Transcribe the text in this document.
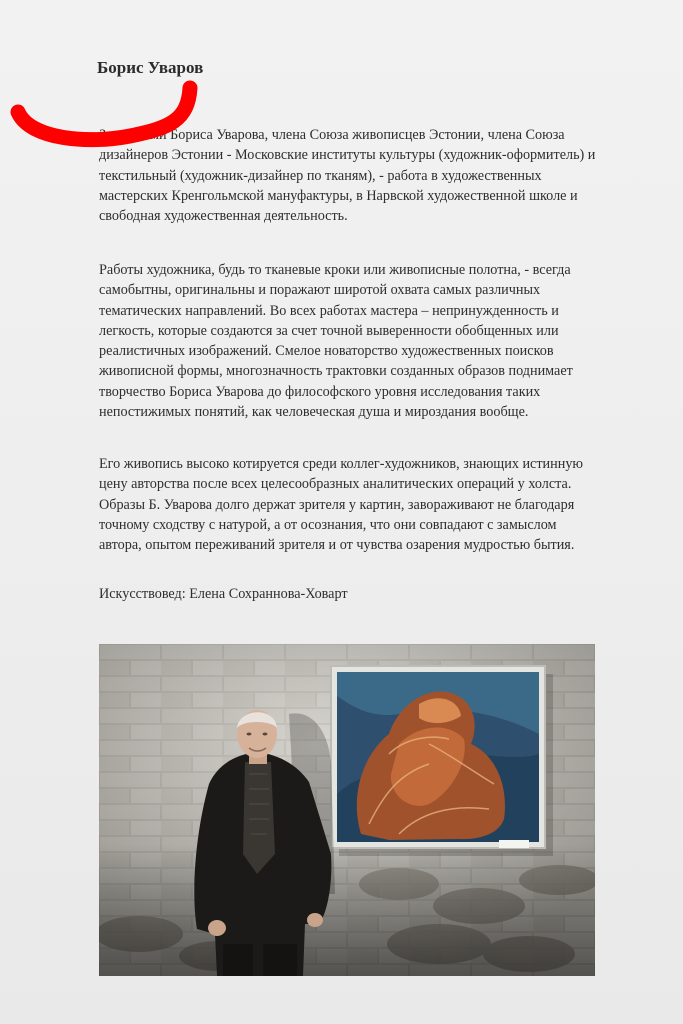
Борис Уваров

За плечами Бориса Уварова, члена Союза живописцев Эстонии, члена Союза дизайнеров Эстонии - Московские институты культуры (художник-оформитель) и текстильный (художник-дизайнер по тканям), - работа в художественных мастерских Кренгольмской мануфактуры, в Нарвской художественной школе и свободная художественная деятельность.

Работы художника, будь то тканевые кроки или живописные полотна, - всегда самобытны, оригинальны и поражают широтой охвата самых различных тематических направлений. Во всех работах мастера – непринужденность и легкость, которые создаются за счет точной выверенности обобщенных или реалистичных изображений. Смелое новаторство художественных поисков живописной формы, многозначность трактовки созданных образов поднимает творчество Бориса Уварова до философского уровня исследования таких непостижимых понятий, как человеческая душа и мироздания вообще.

Его живопись высоко котируется среди коллег-художников, знающих истинную цену авторства после всех целесообразных аналитических операций у холста. Образы Б. Уварова долго держат зрителя у картин, завораживают не благодаря точному сходству с натурой, а от осознания, что они совпадают с замыслом автора, опытом переживаний зрителя и от чувства озарения мудростью бытия.

Искусствовед: Елена Сохраннова-Ховарт
